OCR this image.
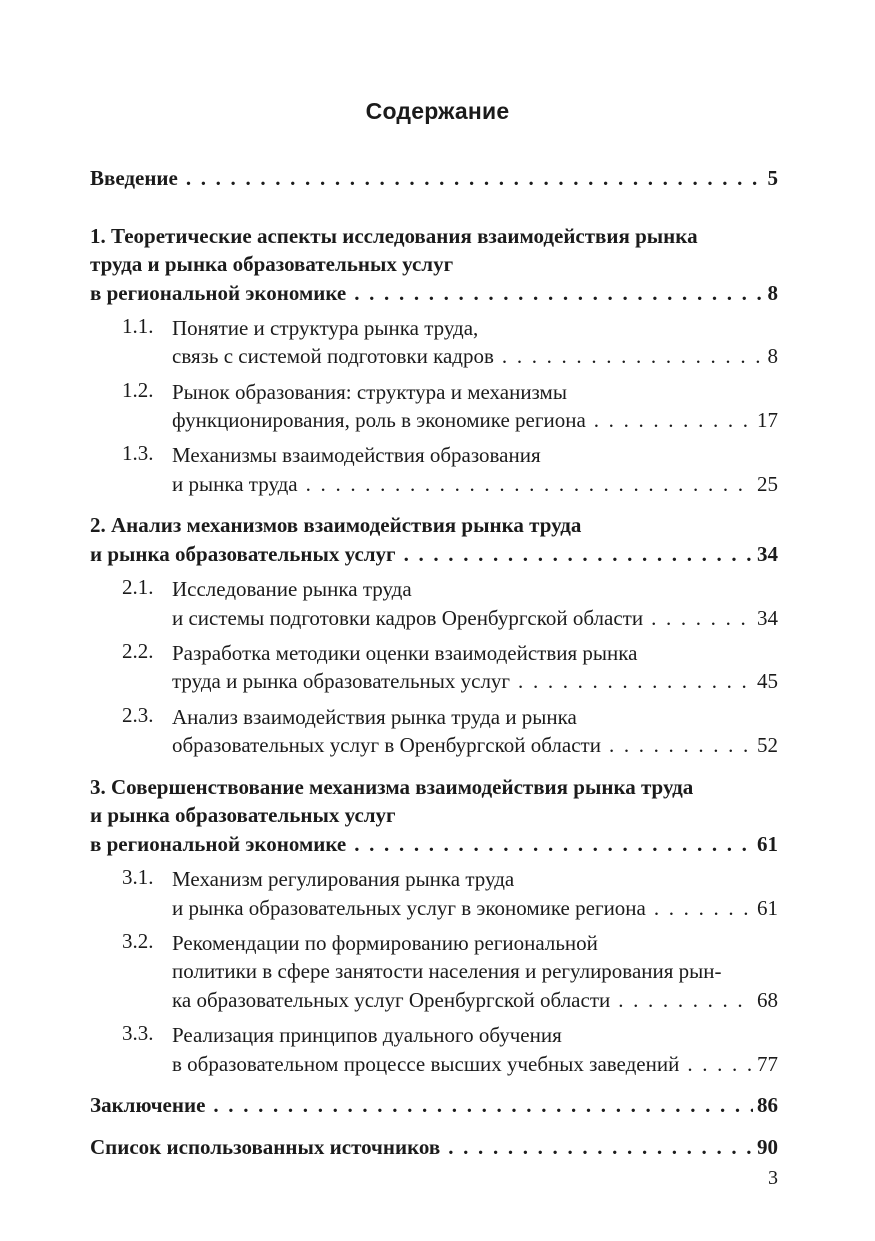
Содержание
Введение . . .	5
1. Теоретические аспекты исследования взаимодействия рынка
труда и рынка образовательных услуг
в региональной экономике . . .	8
1.1. Понятие и структура рынка труда,
связь с системой подготовки кадров . . .	8
1.2. Рынок образования: структура и механизмы
функционирования, роль в экономике региона . . .	17
1.3. Механизмы взаимодействия образования
и рынка труда . . .	25
2. Анализ механизмов взаимодействия рынка труда
и рынка образовательных услуг . . .	34
2.1. Исследование рынка труда
и системы подготовки кадров Оренбургской области . . .	34
2.2. Разработка методики оценки взаимодействия рынка
труда и рынка образовательных услуг . . .	45
2.3. Анализ взаимодействия рынка труда и рынка
образовательных услуг в Оренбургской области . . .	52
3. Совершенствование механизма взаимодействия рынка труда
и рынка образовательных услуг
в региональной экономике . . .	61
3.1. Механизм регулирования рынка труда
и рынка образовательных услуг в экономике региона . . .	61
3.2. Рекомендации по формированию региональной
политики в сфере занятости населения и регулирования рын-
ка образовательных услуг Оренбургской области . . .	68
3.3. Реализация принципов дуального обучения
в образовательном процессе высших учебных заведений . . .	77
Заключение . . .	86
Список использованных источников . . .	90
3
